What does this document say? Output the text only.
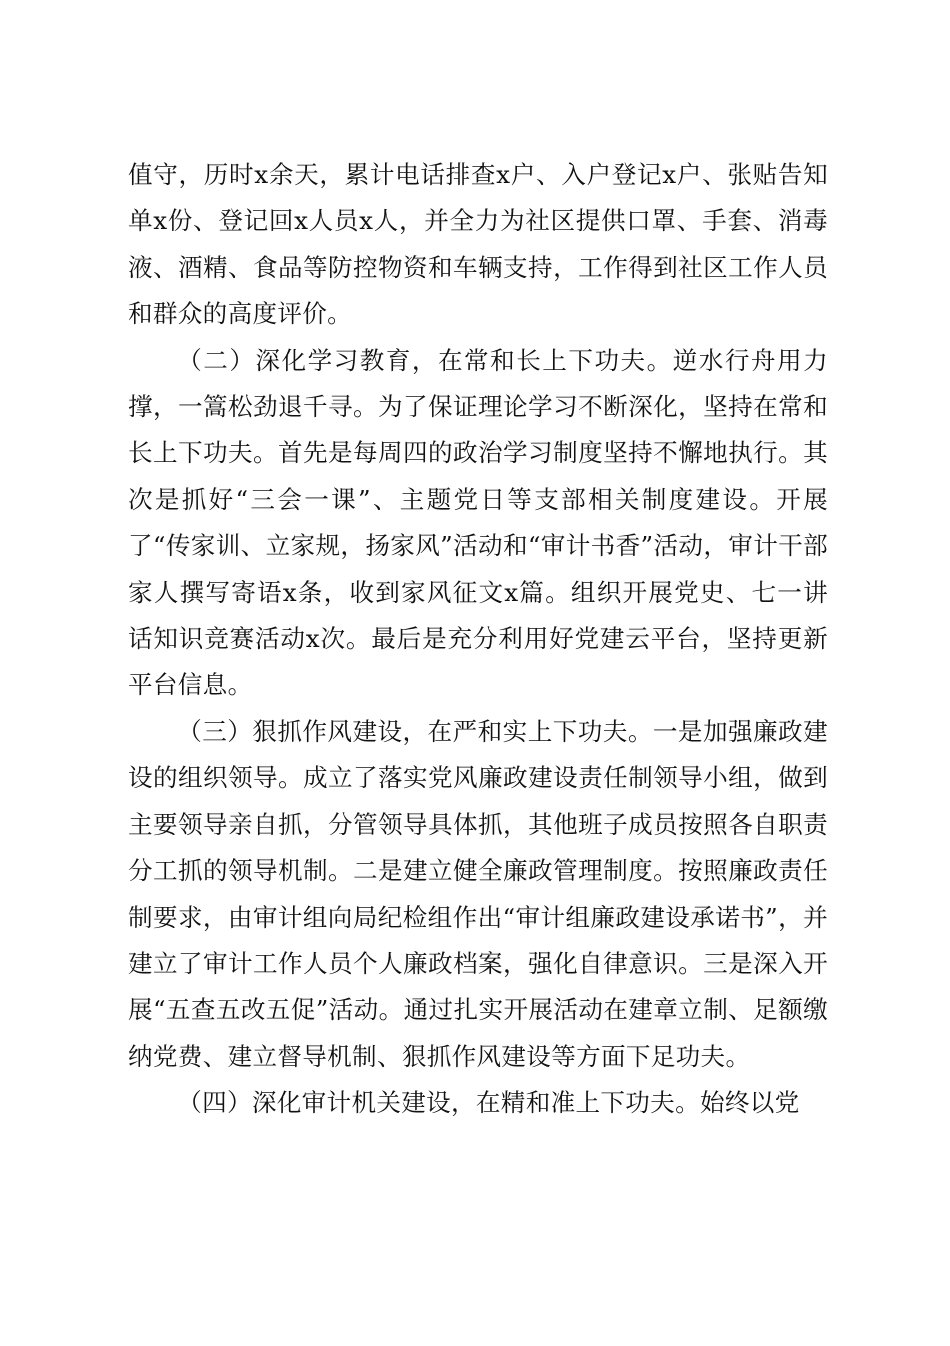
值守，历时x余天，累计电话排查x户、入户登记x户、张贴告知单x份、登记回x人员x人，并全力为社区提供口罩、手套、消毒液、酒精、食品等防控物资和车辆支持，工作得到社区工作人员和群众的高度评价。

（二）深化学习教育，在常和长上下功夫。逆水行舟用力撑，一篙松劲退千寻。为了保证理论学习不断深化，坚持在常和长上下功夫。首先是每周四的政治学习制度坚持不懈地执行。其次是抓好“三会一课”、主题党日等支部相关制度建设。开展了“传家训、立家规，扬家风”活动和“审计书香”活动，审计干部家人撰写寄语x条，收到家风征文x篇。组织开展党史、七一讲话知识竞赛活动x次。最后是充分利用好党建云平台，坚持更新平台信息。

（三）狠抓作风建设，在严和实上下功夫。一是加强廉政建设的组织领导。成立了落实党风廉政建设责任制领导小组，做到主要领导亲自抓，分管领导具体抓，其他班子成员按照各自职责分工抓的领导机制。二是建立健全廉政管理制度。按照廉政责任制要求，由审计组向局纪检组作出“审计组廉政建设承诺书”，并建立了审计工作人员个人廉政档案，强化自律意识。三是深入开展“五查五改五促”活动。通过扎实开展活动在建章立制、足额缴纳党费、建立督导机制、狠抓作风建设等方面下足功夫。

（四）深化审计机关建设，在精和准上下功夫。始终以党
